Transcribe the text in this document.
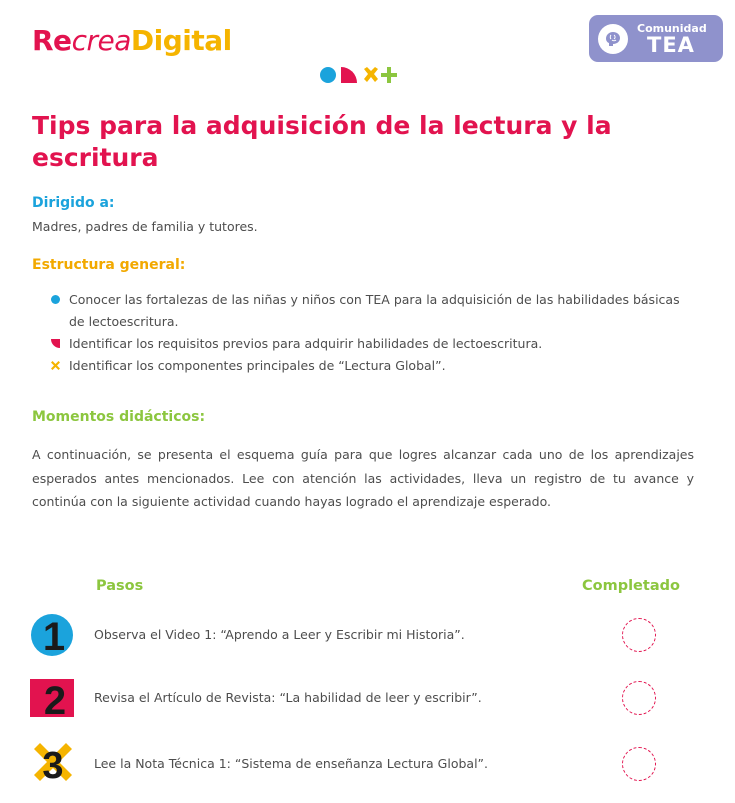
RecreaDigital	Comunidad
TEA
Tips para la adquisición de la lectura y la escritura
Dirigido a:
Madres, padres de familia y tutores.
Estructura general:
Conocer las fortalezas de las niñas y niños con TEA para la adquisición de las habilidades básicas de lectoescritura.
Identificar los requisitos previos para adquirir habilidades de lectoescritura.
Identificar los componentes principales de “Lectura Global”.
Momentos didácticos:

A continuación, se presenta el esquema guía para que logres alcanzar cada uno de los aprendizajes esperados antes mencionados. Lee con atención las actividades, lleva un registro de tu avance y continúa con la siguiente actividad cuando hayas logrado el aprendizaje esperado.

Pasos	Completado
1 Observa el Video 1: “Aprendo a Leer y Escribir mi Historia”.
2 Revisa el Artículo de Revista: “La habilidad de leer y escribir”.
3 Lee la Nota Técnica 1: “Sistema de enseñanza Lectura Global”.
